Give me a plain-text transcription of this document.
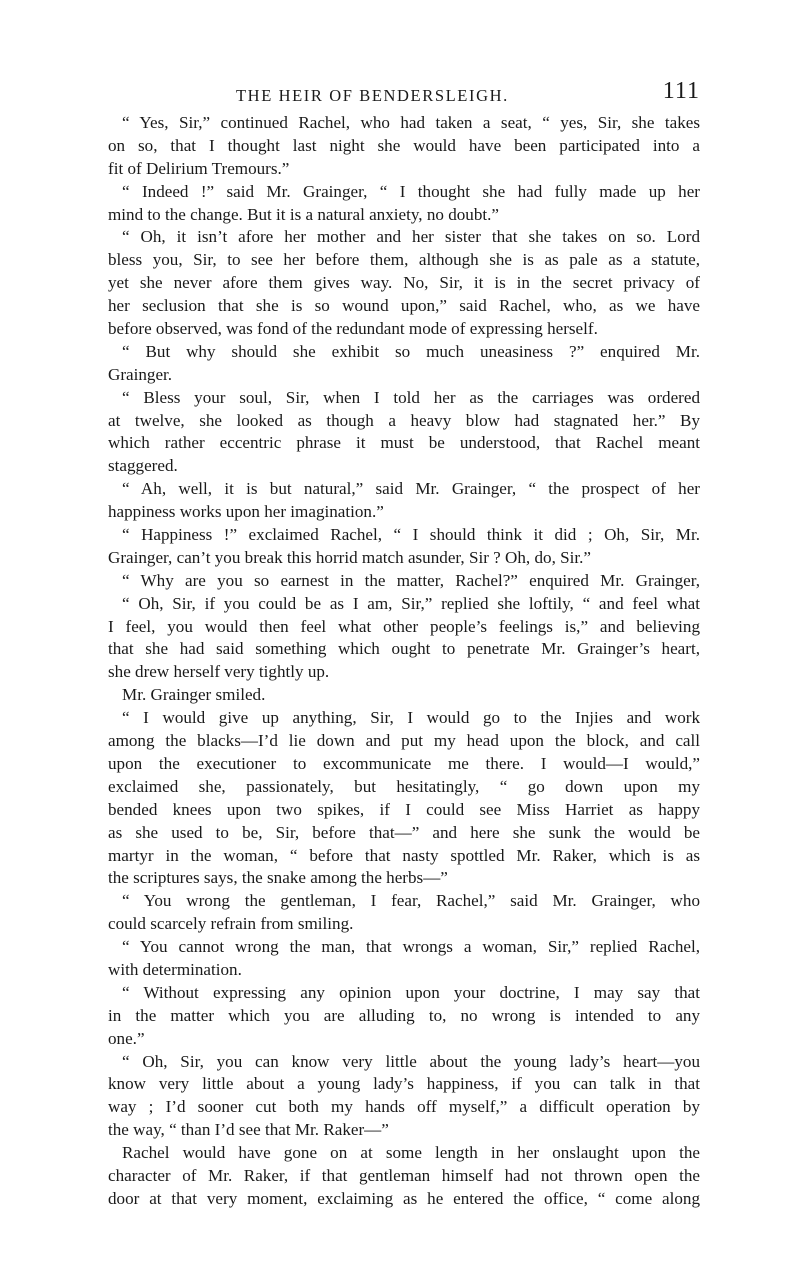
THE HEIR OF BENDERSLEIGH.	111
“ Yes, Sir,” continued Rachel, who had taken a seat, “ yes, Sir, she takes
on so, that I thought last night she would have been participated into a
fit of Delirium Tremours.”
“ Indeed !” said Mr. Grainger, “ I thought she had fully made up her
mind to the change. But it is a natural anxiety, no doubt.”
“ Oh, it isn’t afore her mother and her sister that she takes on so. Lord
bless you, Sir, to see her before them, although she is as pale as a statute,
yet she never afore them gives way. No, Sir, it is in the secret privacy of
her seclusion that she is so wound upon,” said Rachel, who, as we have
before observed, was fond of the redundant mode of expressing herself.
“ But why should she exhibit so much uneasiness ?” enquired Mr.
Grainger.
“ Bless your soul, Sir, when I told her as the carriages was ordered
at twelve, she looked as though a heavy blow had stagnated her.” By
which rather eccentric phrase it must be understood, that Rachel meant
staggered.
“ Ah, well, it is but natural,” said Mr. Grainger, “ the prospect of her
happiness works upon her imagination.”
“ Happiness !” exclaimed Rachel, “ I should think it did ; Oh, Sir, Mr.
Grainger, can’t you break this horrid match asunder, Sir ? Oh, do, Sir.”
“ Why are you so earnest in the matter, Rachel?” enquired Mr. Grainger,
“ Oh, Sir, if you could be as I am, Sir,” replied she loftily, “ and feel what
I feel, you would then feel what other people’s feelings is,” and believing
that she had said something which ought to penetrate Mr. Grainger’s heart,
she drew herself very tightly up.
Mr. Grainger smiled.
“ I would give up anything, Sir, I would go to the Injies and work
among the blacks—I’d lie down and put my head upon the block, and call
upon the executioner to excommunicate me there. I would—I would,”
exclaimed she, passionately, but hesitatingly, “ go down upon my
bended knees upon two spikes, if I could see Miss Harriet as happy
as she used to be, Sir, before that—” and here she sunk the would be
martyr in the woman, “ before that nasty spottled Mr. Raker, which is as
the scriptures says, the snake among the herbs—”
“ You wrong the gentleman, I fear, Rachel,” said Mr. Grainger, who
could scarcely refrain from smiling.
“ You cannot wrong the man, that wrongs a woman, Sir,” replied Rachel,
with determination.
“ Without expressing any opinion upon your doctrine, I may say that
in the matter which you are alluding to, no wrong is intended to any
one.”
“ Oh, Sir, you can know very little about the young lady’s heart—you
know very little about a young lady’s happiness, if you can talk in that
way ; I’d sooner cut both my hands off myself,” a difficult operation by
the way, “ than I’d see that Mr. Raker—”
Rachel would have gone on at some length in her onslaught upon the
character of Mr. Raker, if that gentleman himself had not thrown open the
door at that very moment, exclaiming as he entered the office, “ come along
